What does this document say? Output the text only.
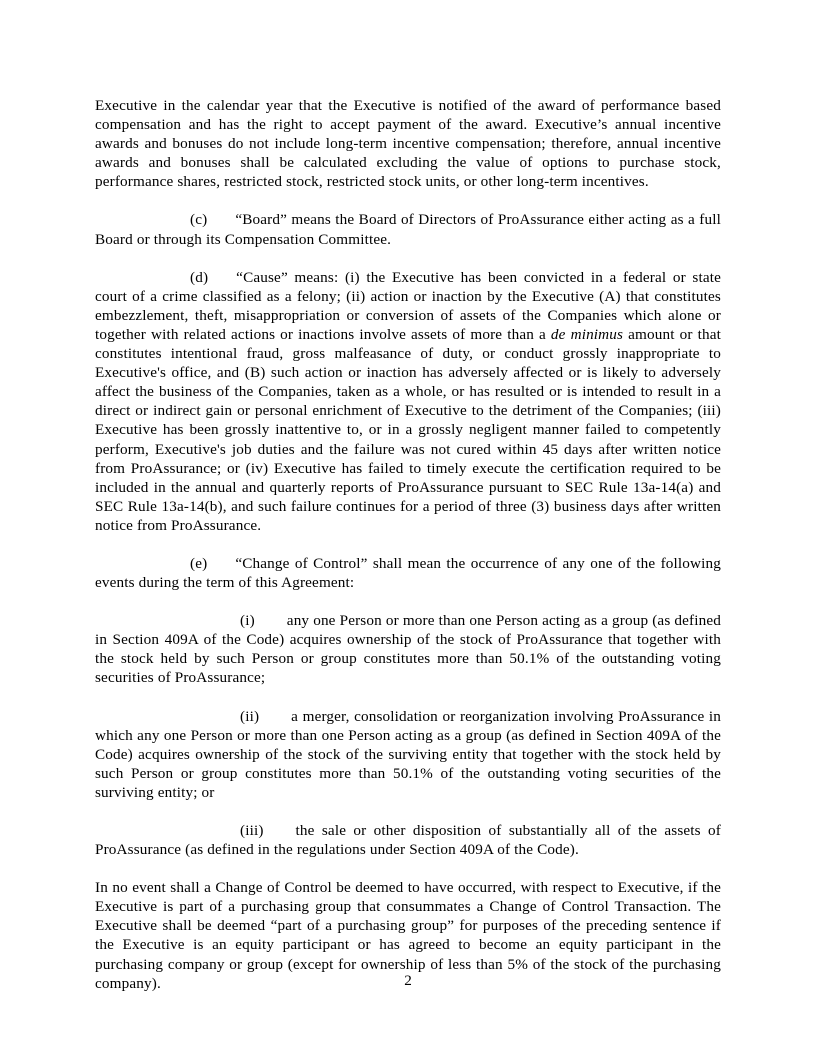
Executive in the calendar year that the Executive is notified of the award of performance based compensation and has the right to accept payment of the award. Executive’s annual incentive awards and bonuses do not include long-term incentive compensation; therefore, annual incentive awards and bonuses shall be calculated excluding the value of options to purchase stock, performance shares, restricted stock, restricted stock units, or other long-term incentives.

(c) “Board” means the Board of Directors of ProAssurance either acting as a full Board or through its Compensation Committee.

(d) “Cause” means: (i) the Executive has been convicted in a federal or state court of a crime classified as a felony; (ii) action or inaction by the Executive (A) that constitutes embezzlement, theft, misappropriation or conversion of assets of the Companies which alone or together with related actions or inactions involve assets of more than a de minimus amount or that constitutes intentional fraud, gross malfeasance of duty, or conduct grossly inappropriate to Executive's office, and (B) such action or inaction has adversely affected or is likely to adversely affect the business of the Companies, taken as a whole, or has resulted or is intended to result in a direct or indirect gain or personal enrichment of Executive to the detriment of the Companies; (iii) Executive has been grossly inattentive to, or in a grossly negligent manner failed to competently perform, Executive's job duties and the failure was not cured within 45 days after written notice from ProAssurance; or (iv) Executive has failed to timely execute the certification required to be included in the annual and quarterly reports of ProAssurance pursuant to SEC Rule 13a-14(a) and SEC Rule 13a-14(b), and such failure continues for a period of three (3) business days after written notice from ProAssurance.

(e) “Change of Control” shall mean the occurrence of any one of the following events during the term of this Agreement:

(i) any one Person or more than one Person acting as a group (as defined in Section 409A of the Code) acquires ownership of the stock of ProAssurance that together with the stock held by such Person or group constitutes more than 50.1% of the outstanding voting securities of ProAssurance;

(ii) a merger, consolidation or reorganization involving ProAssurance in which any one Person or more than one Person acting as a group (as defined in Section 409A of the Code) acquires ownership of the stock of the surviving entity that together with the stock held by such Person or group constitutes more than 50.1% of the outstanding voting securities of the surviving entity; or

(iii) the sale or other disposition of substantially all of the assets of ProAssurance (as defined in the regulations under Section 409A of the Code).

In no event shall a Change of Control be deemed to have occurred, with respect to Executive, if the Executive is part of a purchasing group that consummates a Change of Control Transaction. The Executive shall be deemed “part of a purchasing group” for purposes of the preceding sentence if the Executive is an equity participant or has agreed to become an equity participant in the purchasing company or group (except for ownership of less than 5% of the stock of the purchasing company).	2
